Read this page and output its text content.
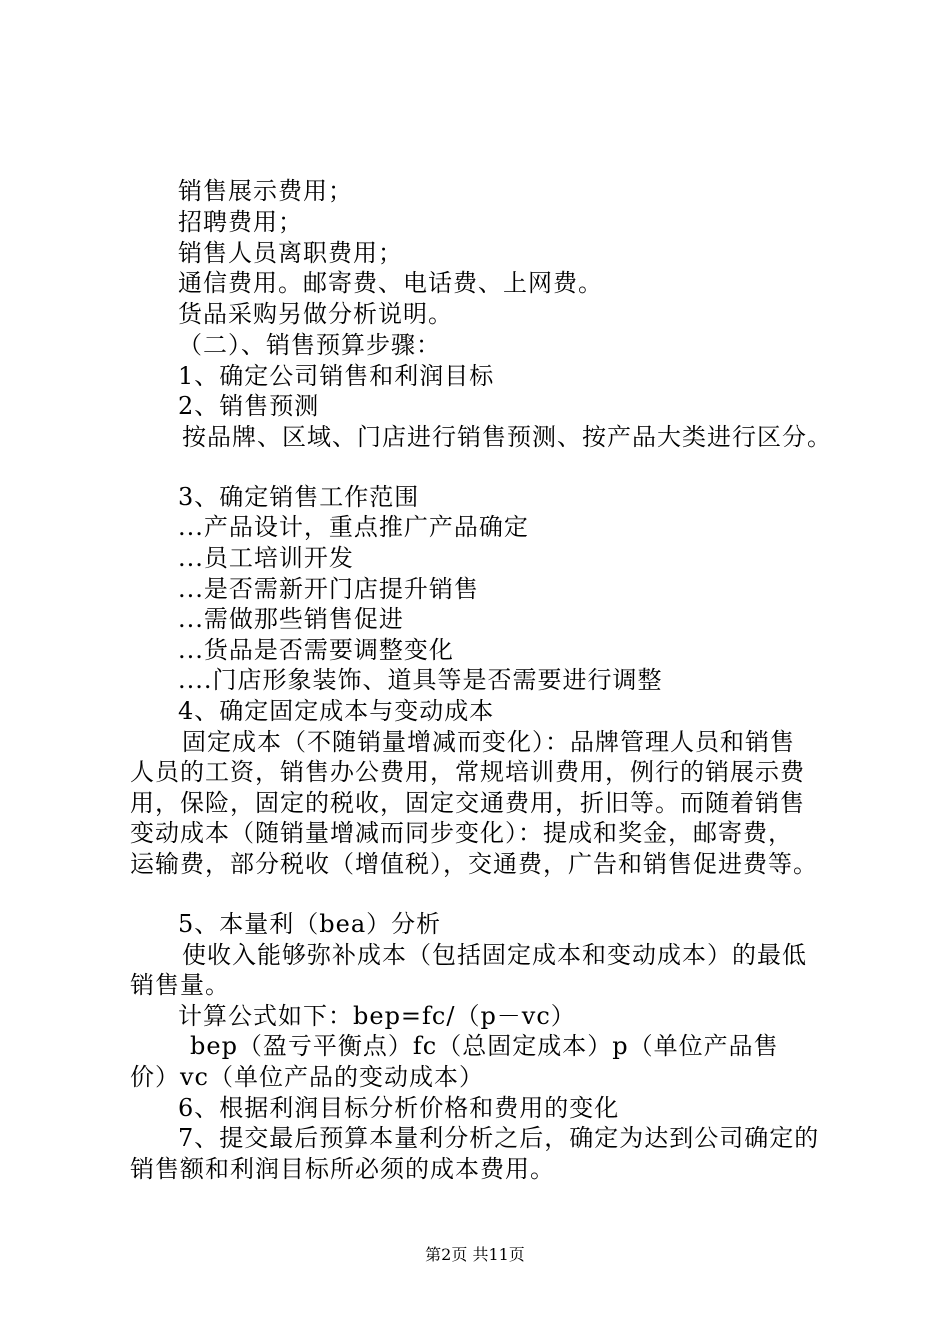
销售展示费用；
招聘费用；
销售人员离职费用；
通信费用。邮寄费、电话费、上网费。
货品采购另做分析说明。
（二）、销售预算步骤：
1、确定公司销售和利润目标
2、销售预测
按品牌、区域、门店进行销售预测、按产品大类进行区分。
3、确定销售工作范围
...产品设计，重点推广产品确定
...员工培训开发
...是否需新开门店提升销售
...需做那些销售促进
...货品是否需要调整变化
....门店形象装饰、道具等是否需要进行调整
4、确定固定成本与变动成本
固定成本（不随销量增减而变化）：品牌管理人员和销售
人员的工资，销售办公费用，常规培训费用，例行的销展示费
用，保险，固定的税收，固定交通费用，折旧等。而随着销售
变动成本（随销量增减而同步变化）：提成和奖金，邮寄费，
运输费，部分税收（增值税），交通费，广告和销售促进费等。
5、本量利（bea）分析
使收入能够弥补成本（包括固定成本和变动成本）的最低
销售量。
计算公式如下：bep=fc/（p－vc）
bep（盈亏平衡点）fc（总固定成本）p（单位产品售
价）vc（单位产品的变动成本）
6、根据利润目标分析价格和费用的变化
7、提交最后预算本量利分析之后，确定为达到公司确定的
销售额和利润目标所必须的成本费用。
第2页 共11页
